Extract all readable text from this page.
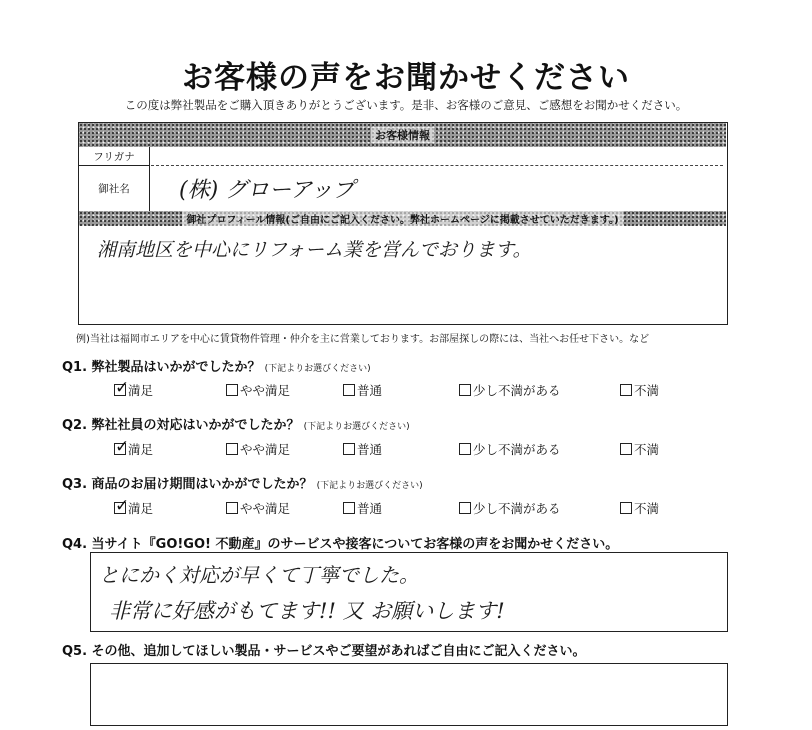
お客様の声をお聞かせください
この度は弊社製品をご購入頂きありがとうございます。是非、お客様のご意見、ご感想をお聞かせください。
お客様情報
フリガナ
御社名 (株) グローアップ
御社プロフィール情報(ご自由にご記入ください。弊社ホームページに掲載させていただきます。)
湘南地区を中心にリフォーム業を営んでおります。
例)当社は福岡市エリアを中心に賃貸物件管理・仲介を主に営業しております。お部屋探しの際には、当社へお任せ下さい。など
Q1. 弊社製品はいかがでしたか？ (下記よりお選びください)
✓
満足	やや満足	普通	少し不満がある	不満
Q2. 弊社社員の対応はいかがでしたか？ (下記よりお選びください)
✓
満足	やや満足	普通	少し不満がある	不満
Q3. 商品のお届け期間はいかがでしたか？ (下記よりお選びください)
✓
満足	やや満足	普通	少し不満がある	不満
Q4. 当サイト『GO!GO! 不動産』のサービスや接客についてお客様の声をお聞かせください。
とにかく対応が早くて丁寧でした。
非常に好感がもてます!! 又 お願いします!
Q5. その他、追加してほしい製品・サービスやご要望があればご自由にご記入ください。
